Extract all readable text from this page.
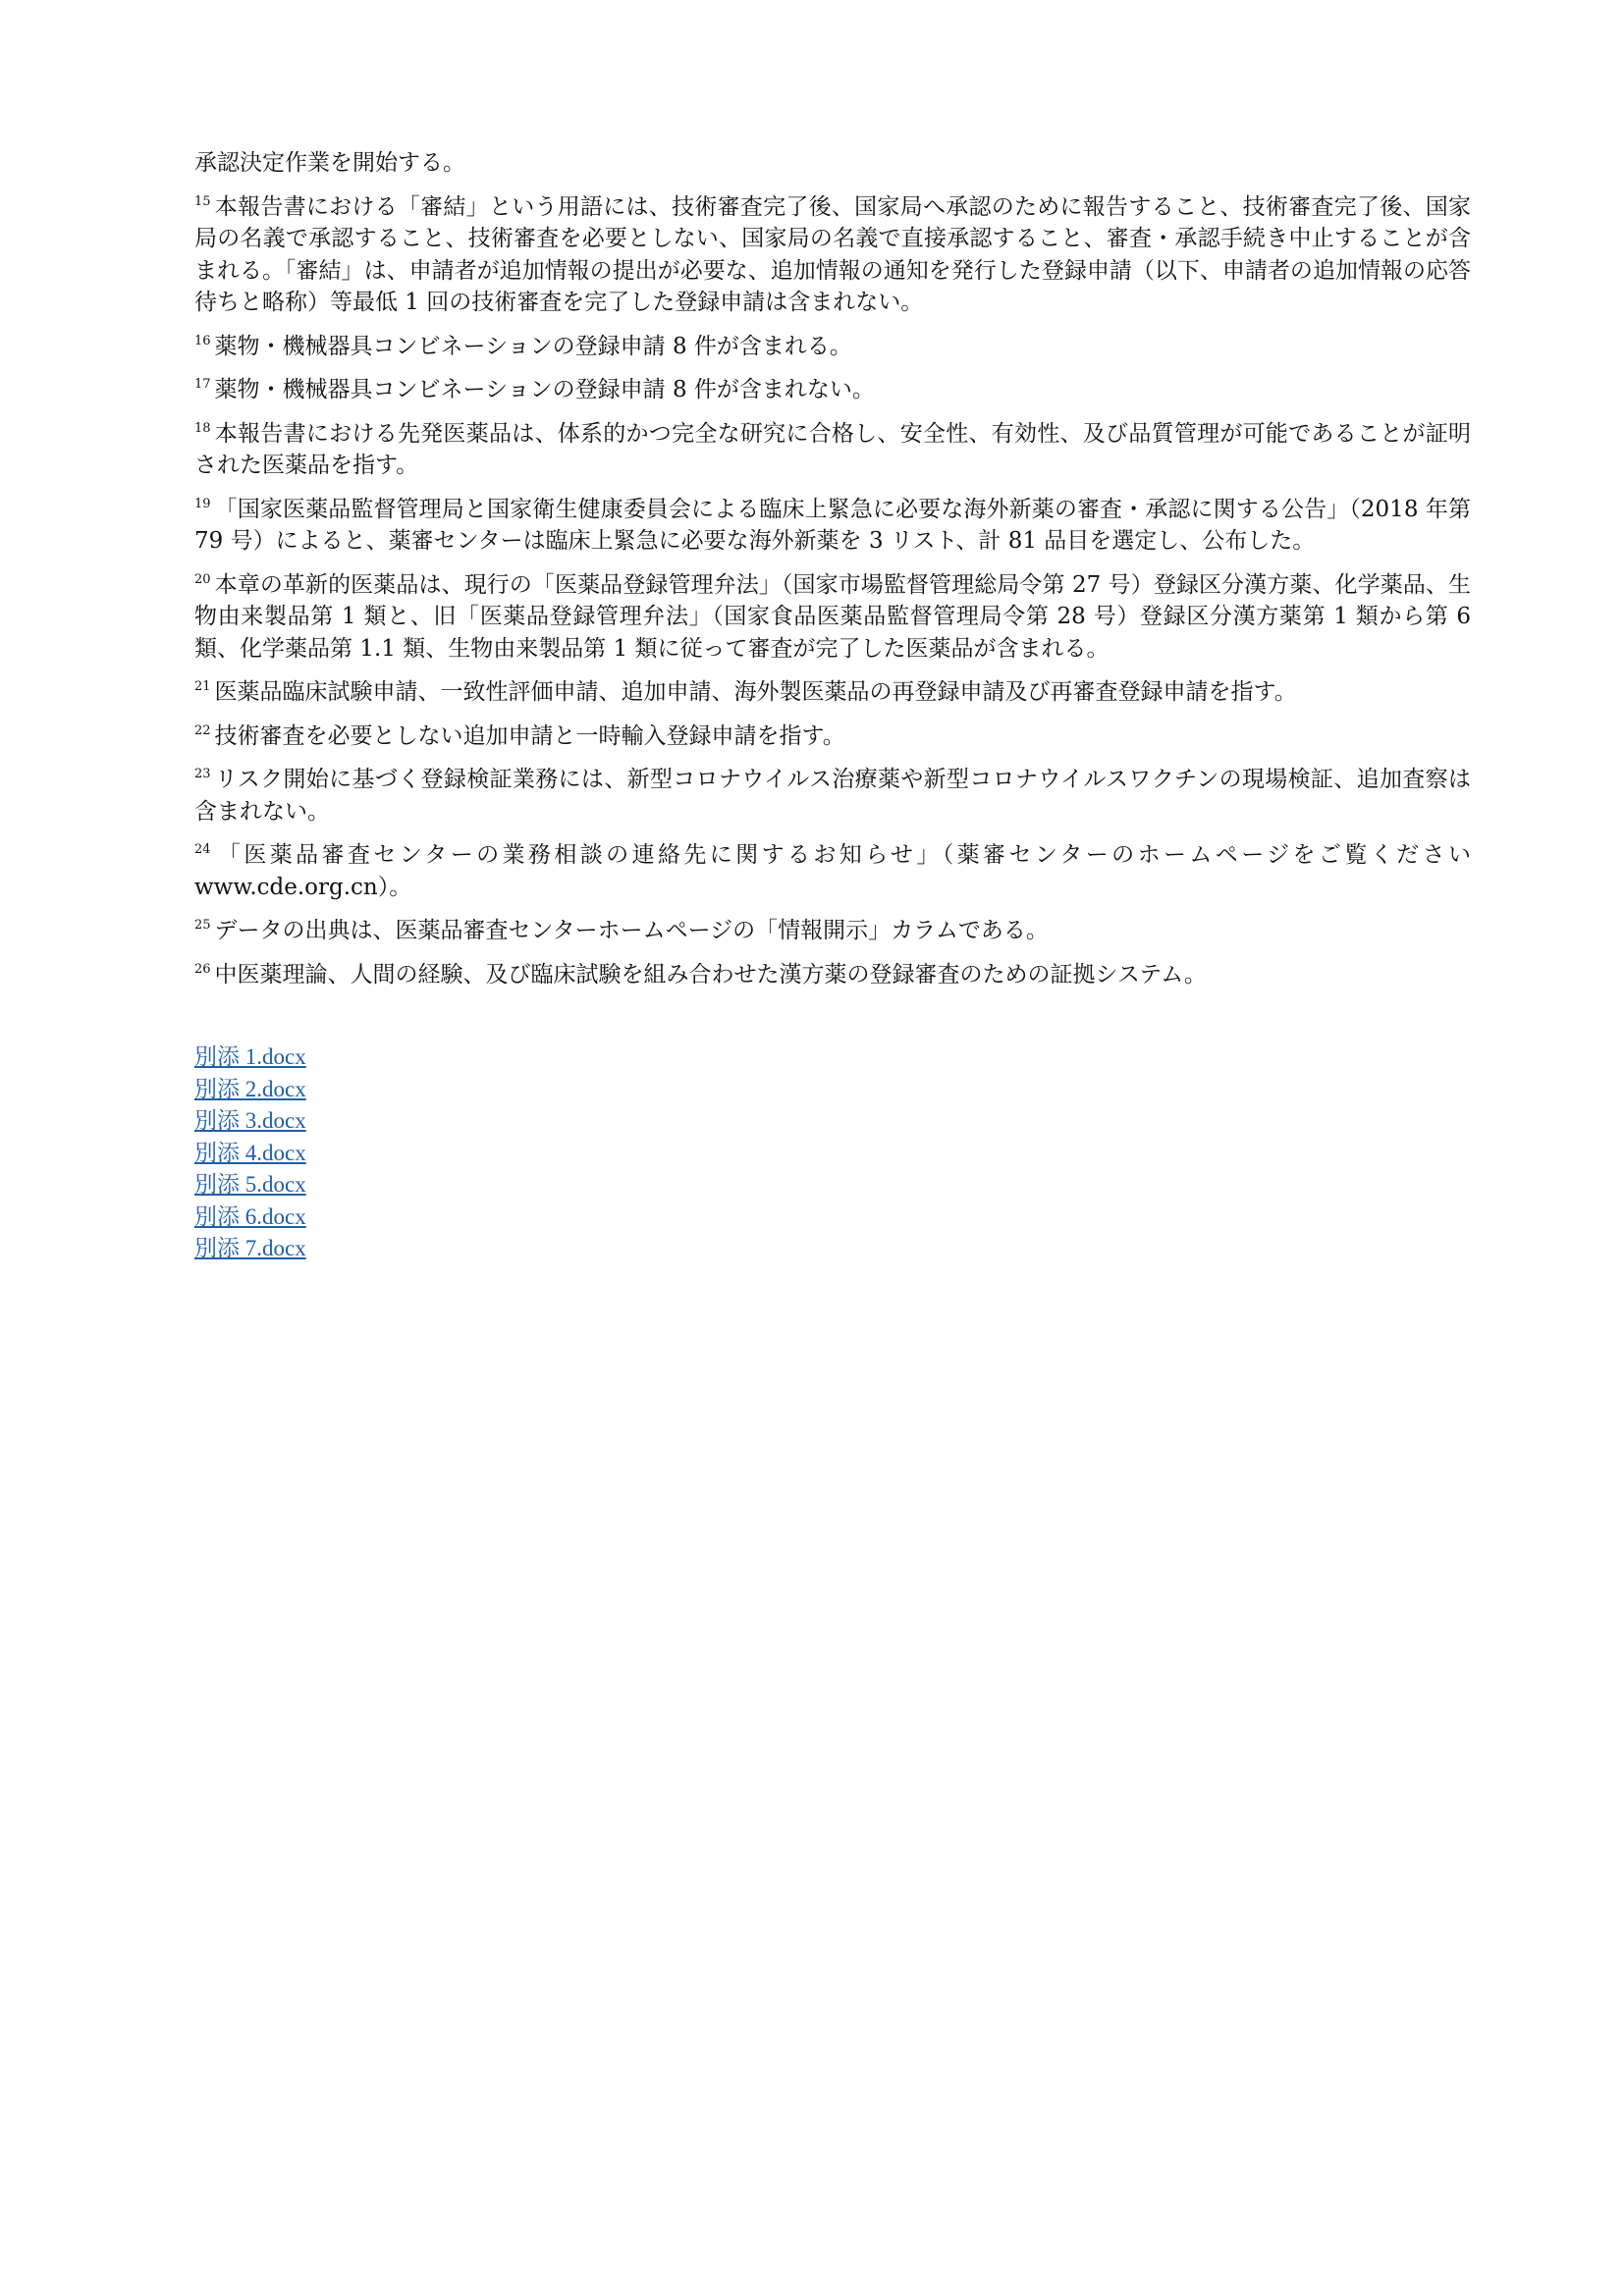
承認決定作業を開始する。

$^{15}$ 本報告書における「審結」という用語には、技術審査完了後、国家局へ承認のために報告すること、技術審査完了後、国家局の名義で承認すること、技術審査を必要としない、国家局の名義で直接承認すること、審査・承認手続き中止することが含まれる。「審結」は、申請者が追加情報の提出が必要な、追加情報の通知を発行した登録申請（以下、申請者の追加情報の応答待ちと略称）等最低 1 回の技術審査を完了した登録申請は含まれない。
$^{16}$ 薬物・機械器具コンビネーションの登録申請 8 件が含まれる。
$^{17}$ 薬物・機械器具コンビネーションの登録申請 8 件が含まれない。
$^{18}$ 本報告書における先発医薬品は、体系的かつ完全な研究に合格し、安全性、有効性、及び品質管理が可能であることが証明された医薬品を指す。
$^{19}$ 「国家医薬品監督管理局と国家衛生健康委員会による臨床上緊急に必要な海外新薬の審査・承認に関する公告」（2018 年第 79 号）によると、薬審センターは臨床上緊急に必要な海外新薬を 3 リスト、計 81 品目を選定し、公布した。
$^{20}$ 本章の革新的医薬品は、現行の「医薬品登録管理弁法」（国家市場監督管理総局令第 27 号）登録区分漢方薬、化学薬品、生物由来製品第 1 類と、旧「医薬品登録管理弁法」（国家食品医薬品監督管理局令第 28 号）登録区分漢方薬第 1 類から第 6 類、化学薬品第 1.1 類、生物由来製品第 1 類に従って審査が完了した医薬品が含まれる。
$^{21}$ 医薬品臨床試験申請、一致性評価申請、追加申請、海外製医薬品の再登録申請及び再審査登録申請を指す。
$^{22}$ 技術審査を必要としない追加申請と一時輸入登録申請を指す。
$^{23}$ リスク開始に基づく登録検証業務には、新型コロナウイルス治療薬や新型コロナウイルスワクチンの現場検証、追加査察は含まれない。
$^{24}$ 「医薬品審査センターの業務相談の連絡先に関するお知らせ」（薬審センターのホームページをご覧ください www.cde.org.cn）。
$^{25}$ データの出典は、医薬品審査センターホームページの「情報開示」カラムである。
$^{26}$ 中医薬理論、人間の経験、及び臨床試験を組み合わせた漢方薬の登録審査のための証拠システム。
別添 1.docx
別添 2.docx
別添 3.docx
別添 4.docx
別添 5.docx
別添 6.docx
別添 7.docx
